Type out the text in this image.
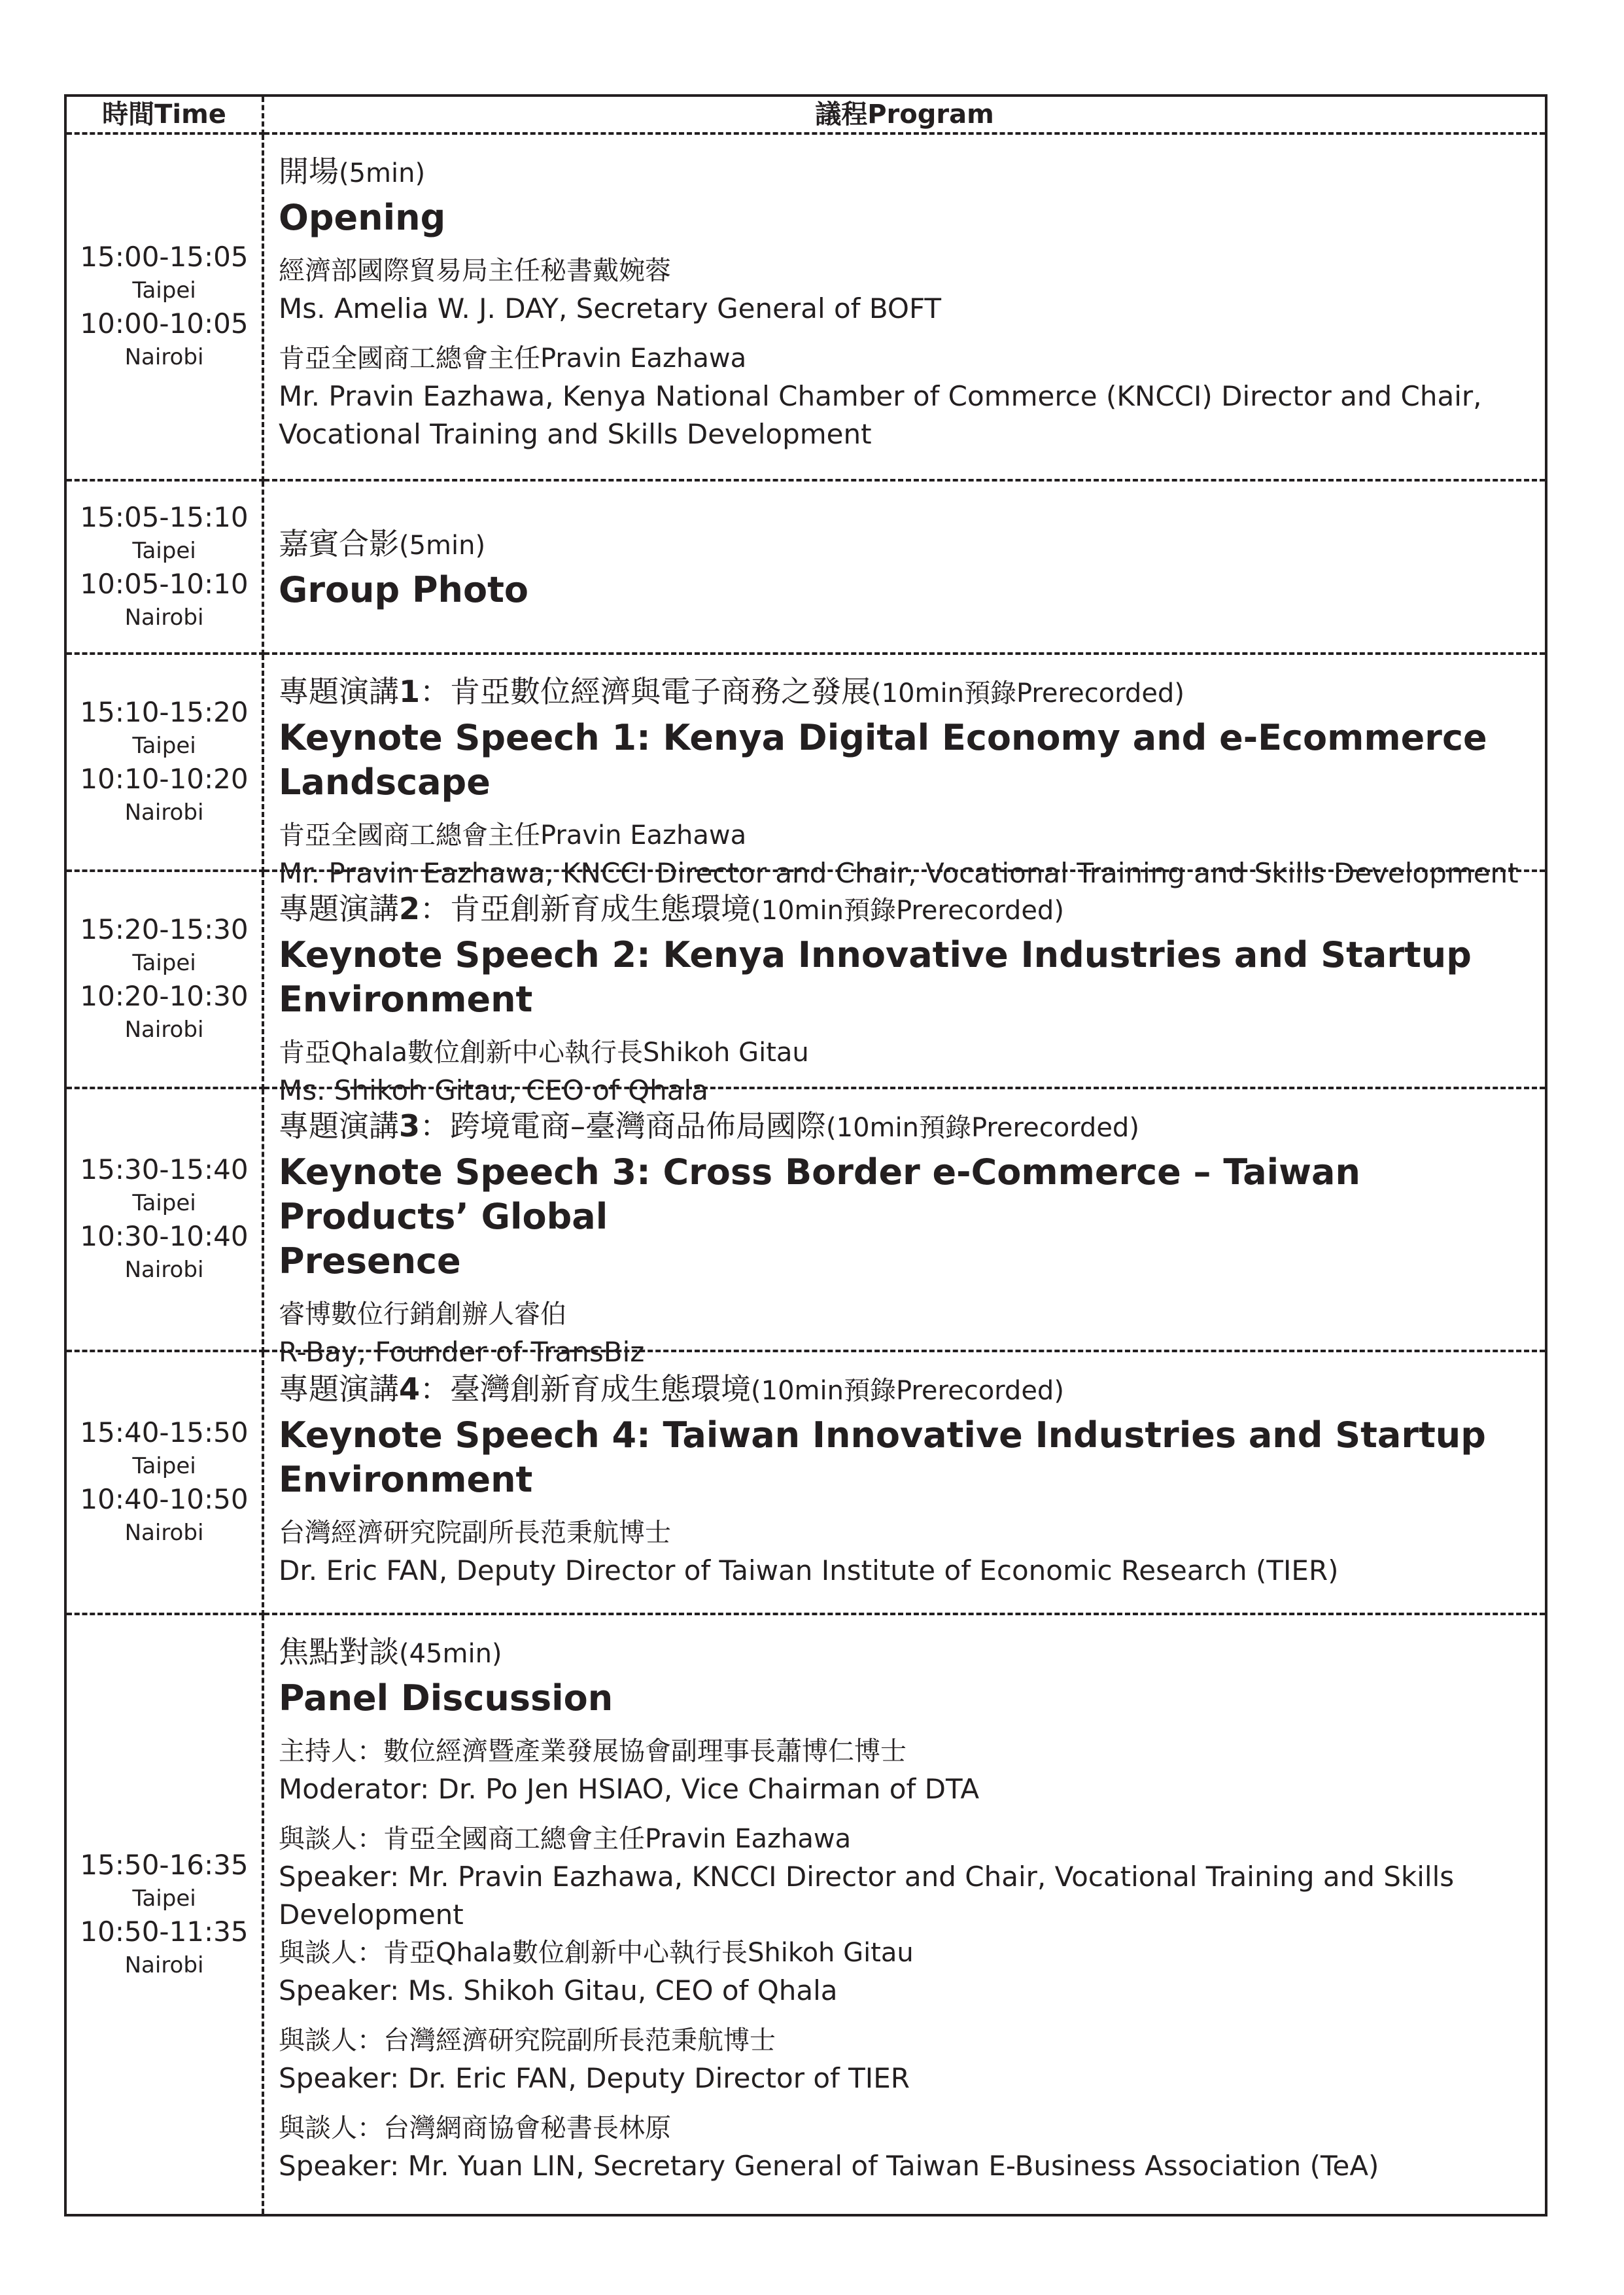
時間Time	議程Program
15:00-15:05
Taipei
10:00-10:05
Nairobi
開場(5min)
Opening
經濟部國際貿易局主任秘書戴婉蓉
Ms. Amelia W. J. DAY, Secretary General of BOFT
肯亞全國商工總會主任Pravin Eazhawa
Mr. Pravin Eazhawa, Kenya National Chamber of Commerce (KNCCI) Director and Chair,
Vocational Training and Skills Development
15:05-15:10
Taipei
10:05-10:10
Nairobi
嘉賓合影(5min)
Group Photo
15:10-15:20
Taipei
10:10-10:20
Nairobi
專題演講1：肯亞數位經濟與電子商務之發展(10min預錄Prerecorded)
Keynote Speech 1: Kenya Digital Economy and e-Ecommerce Landscape
肯亞全國商工總會主任Pravin Eazhawa
Mr. Pravin Eazhawa, KNCCI Director and Chair, Vocational Training and Skills Development
15:20-15:30
Taipei
10:20-10:30
Nairobi
專題演講2：肯亞創新育成生態環境(10min預錄Prerecorded)
Keynote Speech 2: Kenya Innovative Industries and Startup Environment
肯亞Qhala數位創新中心執行長Shikoh Gitau
Ms. Shikoh Gitau, CEO of Qhala
15:30-15:40
Taipei
10:30-10:40
Nairobi
專題演講3：跨境電商–臺灣商品佈局國際(10min預錄Prerecorded)
Keynote Speech 3: Cross Border e-Commerce – Taiwan Products’ Global
Presence
睿博數位行銷創辦人睿伯
R-Bay, Founder of TransBiz
15:40-15:50
Taipei
10:40-10:50
Nairobi
專題演講4：臺灣創新育成生態環境(10min預錄Prerecorded)
Keynote Speech 4: Taiwan Innovative Industries and Startup
Environment
台灣經濟研究院副所長范秉航博士
Dr. Eric FAN, Deputy Director of Taiwan Institute of Economic Research (TIER)
15:50-16:35
Taipei
10:50-11:35
Nairobi
焦點對談(45min)
Panel Discussion
主持人：數位經濟暨產業發展協會副理事長蕭博仁博士
Moderator: Dr. Po Jen HSIAO, Vice Chairman of DTA
與談人：肯亞全國商工總會主任Pravin Eazhawa
Speaker: Mr. Pravin Eazhawa, KNCCI Director and Chair, Vocational Training and Skills
Development
與談人：肯亞Qhala數位創新中心執行長Shikoh Gitau
Speaker: Ms. Shikoh Gitau, CEO of Qhala
與談人：台灣經濟研究院副所長范秉航博士
Speaker: Dr. Eric FAN, Deputy Director of TIER
與談人：台灣網商協會秘書長林原
Speaker: Mr. Yuan LIN, Secretary General of Taiwan E-Business Association (TeA)
